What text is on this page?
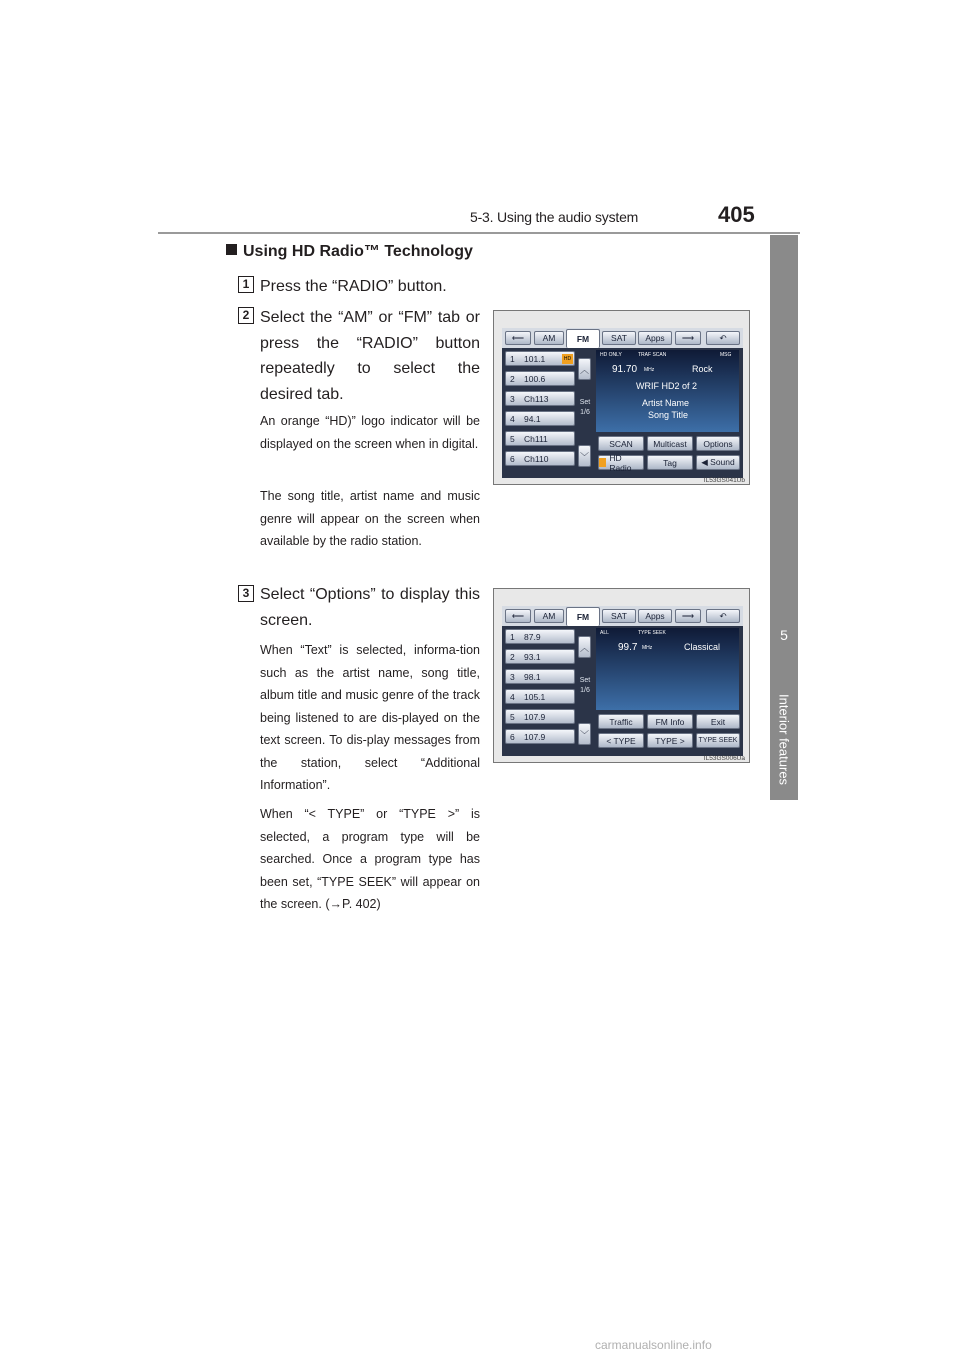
5-3. Using the audio system	405
5
Interior features
Using HD Radio™ Technology
1 Press the “RADIO” button.
2 Select the “AM” or “FM” tab or press the “RADIO” button repeatedly to select the desired tab.
An orange “HD)” logo indicator will be displayed on the screen when in digital.
The song title, artist name and music genre will appear on the screen when available by the radio station.
3 Select “Options” to display this screen.
When “Text” is selected, informa-tion such as the artist name, song title, album title and music genre of the track being listened to are dis-played on the text screen. To dis-play messages from the station, select “Additional Information”.
When “< TYPE” or “TYPE >” is selected, a program type will be searched. Once a program type has been set, “TYPE SEEK” will appear on the screen. (→P. 402)
⟵	AM	FM	SAT	Apps	⟶	↶
1	101.1	HD
2	100.6
3	Ch113
4	94.1
5	Ch111
6	Ch110
︿
Set
1/6
﹀
HD ONLY	TRAF SCAN	MSG
91.70 MHz	Rock
WRIF HD2 of 2
Artist Name
Song Title
SCAN	Multicast	Options
HD Radio	Tag	◀ Sound
IL53GS041Ub
⟵	AM	FM	SAT	Apps	⟶	↶
1	87.9
2	93.1
3	98.1
4	105.1
5	107.9
6	107.9
︿
Set
1/6
﹀
ALL	TYPE SEEK
99.7 MHz	Classical
Traffic	FM Info	Exit
< TYPE	TYPE >	TYPE SEEK
IL53GS006Ua
carmanualsonline.info
